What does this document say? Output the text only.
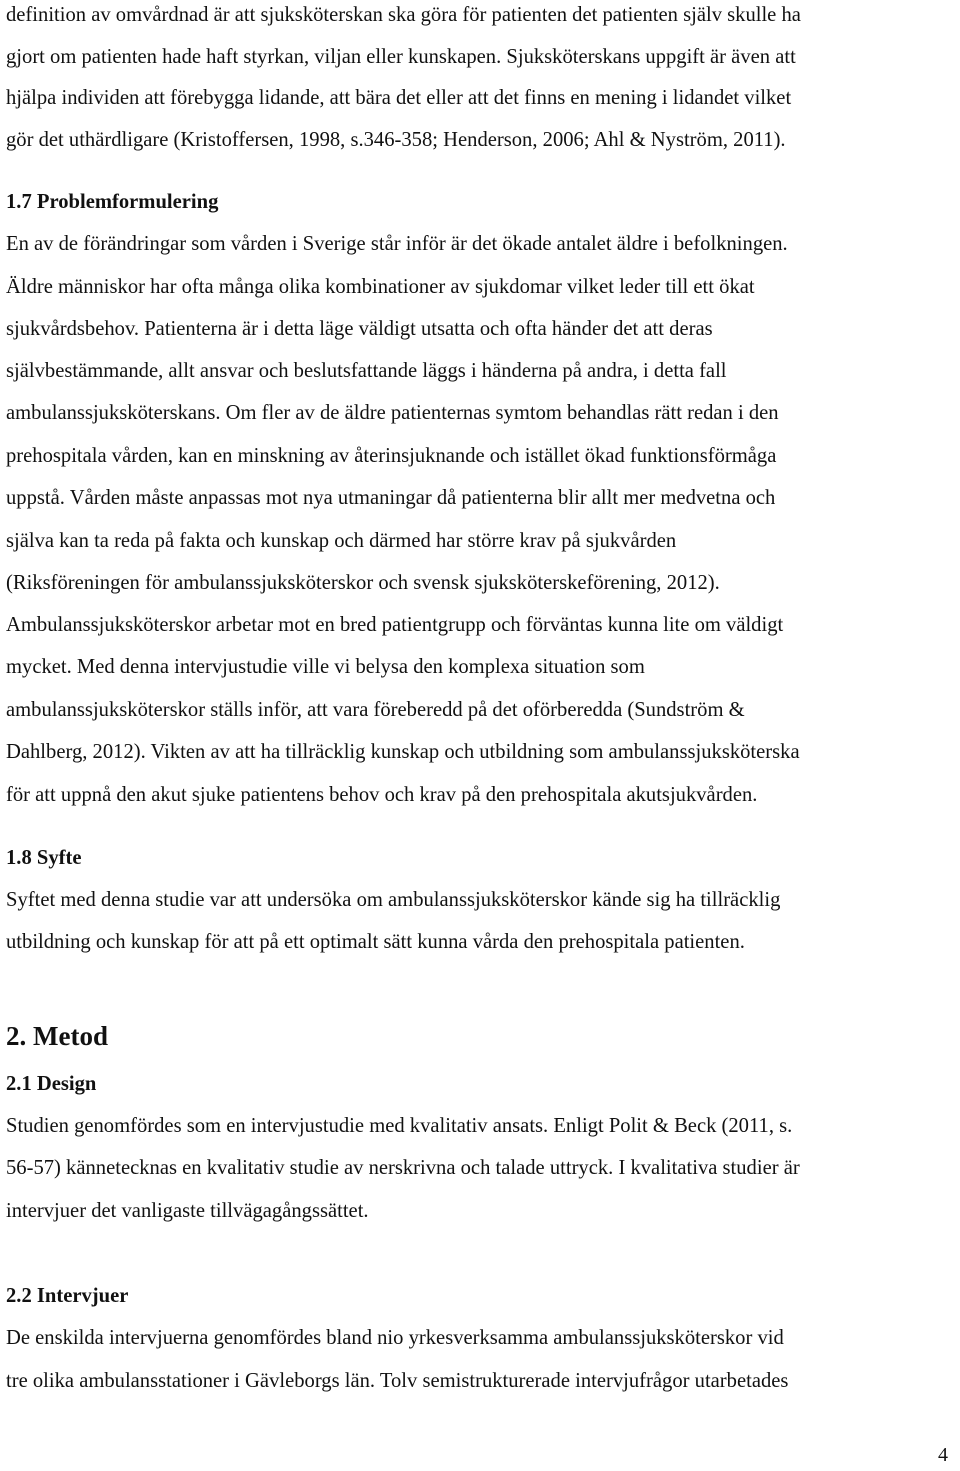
definition av omvårdnad är att sjuksköterskan ska göra för patienten det patienten själv skulle ha
gjort om patienten hade haft styrkan, viljan eller kunskapen. Sjuksköterskans uppgift är även att
hjälpa individen att förebygga lidande, att bära det eller att det finns en mening i lidandet vilket
gör det uthärdligare (Kristoffersen, 1998, s.346-358; Henderson, 2006; Ahl & Nyström, 2011).
1.7 Problemformulering
En av de förändringar som vården i Sverige står inför är det ökade antalet äldre i befolkningen.
Äldre människor har ofta många olika kombinationer av sjukdomar vilket leder till ett ökat
sjukvårdsbehov. Patienterna är i detta läge väldigt utsatta och ofta händer det att deras
självbestämmande, allt ansvar och beslutsfattande läggs i händerna på andra, i detta fall
ambulanssjuksköterskans. Om fler av de äldre patienternas symtom behandlas rätt redan i den
prehospitala vården, kan en minskning av återinsjuknande och istället ökad funktionsförmåga
uppstå. Vården måste anpassas mot nya utmaningar då patienterna blir allt mer medvetna och
själva kan ta reda på fakta och kunskap och därmed har större krav på sjukvården
(Riksföreningen för ambulanssjuksköterskor och svensk sjuksköterskeförening, 2012).
Ambulanssjuksköterskor arbetar mot en bred patientgrupp och förväntas kunna lite om väldigt
mycket. Med denna intervjustudie ville vi belysa den komplexa situation som
ambulanssjuksköterskor ställs inför, att vara föreberedd på det oförberedda (Sundström &
Dahlberg, 2012). Vikten av att ha tillräcklig kunskap och utbildning som ambulanssjuksköterska
för att uppnå den akut sjuke patientens behov och krav på den prehospitala akutsjukvården.
1.8 Syfte
Syftet med denna studie var att undersöka om ambulanssjuksköterskor kände sig ha tillräcklig
utbildning och kunskap för att på ett optimalt sätt kunna vårda den prehospitala patienten.
2. Metod
2.1 Design
Studien genomfördes som en intervjustudie med kvalitativ ansats. Enligt Polit & Beck (2011, s.
56-57) kännetecknas en kvalitativ studie av nerskrivna och talade uttryck. I kvalitativa studier är
intervjuer det vanligaste tillvägagångssättet.
2.2 Intervjuer
De enskilda intervjuerna genomfördes bland nio yrkesverksamma ambulanssjuksköterskor vid
tre olika ambulansstationer i Gävleborgs län. Tolv semistrukturerade intervjufrågor utarbetades
4
